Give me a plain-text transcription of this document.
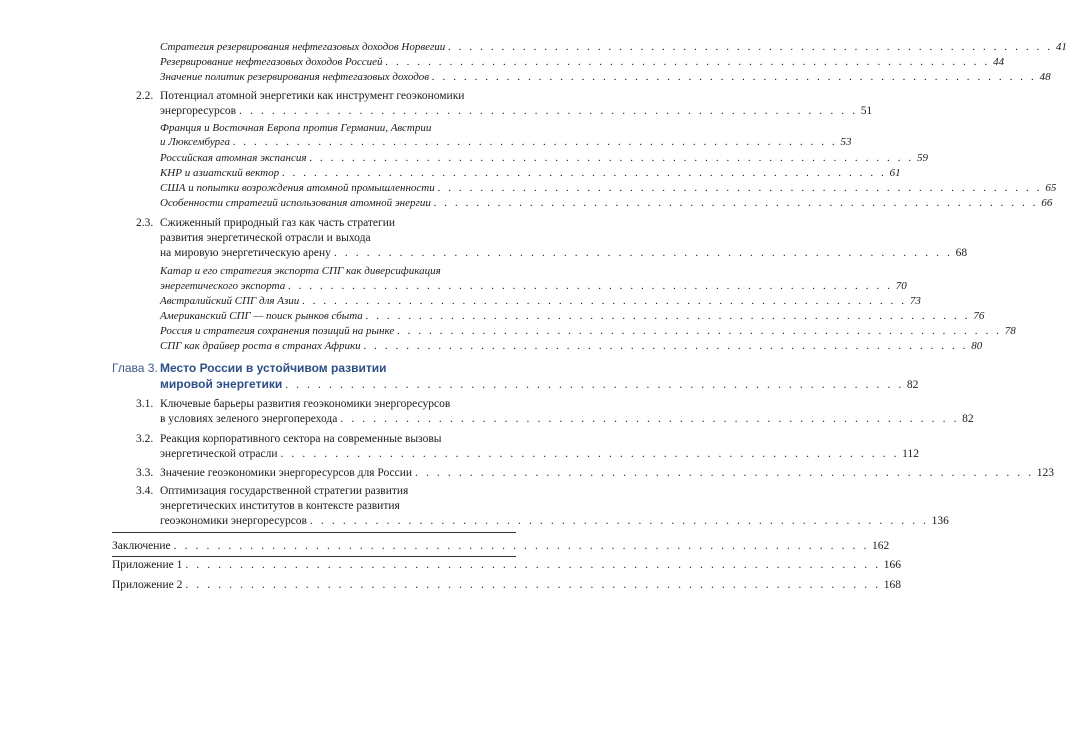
Стратегия резервирования нефтегазовых доходов Норвегии . . . . . . . . . . . . . . . . . . . . . . . . . . . . . . . . . . . . . . . . . . . . . . . . . . . . . . . . . 41
Резервирование нефтегазовых доходов Россией . . . . . . . . . . . . . . . . . . . . . . . . . . . . . . . . . . . . . . . . . . . . . . . . . . . . . . . . . 44
Значение политик резервирования нефтегазовых доходов . . . . . . . . . . . . . . . . . . . . . . . . . . . . . . . . . . . . . . . . . . . . . . . . . . . . . . . . . 48
2.2. Потенциал атомной энергетики как инструмент геоэкономики
энергоресурсов . . . . . . . . . . . . . . . . . . . . . . . . . . . . . . . . . . . . . . . . . . . . . . . . . . . . . . . . . 51
Франция и Восточная Европа против Германии, Австрии
и Люксембурга . . . . . . . . . . . . . . . . . . . . . . . . . . . . . . . . . . . . . . . . . . . . . . . . . . . . . . . . . 53
Российская атомная экспансия . . . . . . . . . . . . . . . . . . . . . . . . . . . . . . . . . . . . . . . . . . . . . . . . . . . . . . . . . 59
КНР и азиатский вектор . . . . . . . . . . . . . . . . . . . . . . . . . . . . . . . . . . . . . . . . . . . . . . . . . . . . . . . . . 61
США и попытки возрождения атомной промышленности . . . . . . . . . . . . . . . . . . . . . . . . . . . . . . . . . . . . . . . . . . . . . . . . . . . . . . . . . 65
Особенности стратегий использования атомной энергии . . . . . . . . . . . . . . . . . . . . . . . . . . . . . . . . . . . . . . . . . . . . . . . . . . . . . . . . . 66
2.3. Сжиженный природный газ как часть стратегии
развития энергетической отрасли и выхода
на мировую энергетическую арену . . . . . . . . . . . . . . . . . . . . . . . . . . . . . . . . . . . . . . . . . . . . . . . . . . . . . . . . . 68
Катар и его стратегия экспорта СПГ как диверсификация
энергетического экспорта . . . . . . . . . . . . . . . . . . . . . . . . . . . . . . . . . . . . . . . . . . . . . . . . . . . . . . . . . 70
Австралийский СПГ для Азии . . . . . . . . . . . . . . . . . . . . . . . . . . . . . . . . . . . . . . . . . . . . . . . . . . . . . . . . . 73
Американский СПГ — поиск рынков сбыта . . . . . . . . . . . . . . . . . . . . . . . . . . . . . . . . . . . . . . . . . . . . . . . . . . . . . . . . . 76
Россия и стратегия сохранения позиций на рынке . . . . . . . . . . . . . . . . . . . . . . . . . . . . . . . . . . . . . . . . . . . . . . . . . . . . . . . . . 78
СПГ как драйвер роста в странах Африки . . . . . . . . . . . . . . . . . . . . . . . . . . . . . . . . . . . . . . . . . . . . . . . . . . . . . . . . . 80
Глава 3. Место России в устойчивом развитии
мировой энергетики . . . . . . . . . . . . . . . . . . . . . . . . . . . . . . . . . . . . . . . . . . . . . . . . . . . . . . . . . 82
3.1. Ключевые барьеры развития геоэкономики энергоресурсов
в условиях зеленого энергоперехода . . . . . . . . . . . . . . . . . . . . . . . . . . . . . . . . . . . . . . . . . . . . . . . . . . . . . . . . . 82
3.2. Реакция корпоративного сектора на современные вызовы
энергетической отрасли . . . . . . . . . . . . . . . . . . . . . . . . . . . . . . . . . . . . . . . . . . . . . . . . . . . . . . . . . 112
3.3. Значение геоэкономики энергоресурсов для России . . . . . . . . . . . . . . . . . . . . . . . . . . . . . . . . . . . . . . . . . . . . . . . . . . . . . . . . . 123
3.4. Оптимизация государственной стратегии развития
энергетических институтов в контексте развития
геоэкономики энергоресурсов . . . . . . . . . . . . . . . . . . . . . . . . . . . . . . . . . . . . . . . . . . . . . . . . . . . . . . . . . 136
Заключение . . . . . . . . . . . . . . . . . . . . . . . . . . . . . . . . . . . . . . . . . . . . . . . . . . . . . . . . . . . . . . . . 162
Приложение 1 . . . . . . . . . . . . . . . . . . . . . . . . . . . . . . . . . . . . . . . . . . . . . . . . . . . . . . . . . . . . . . . . 166
Приложение 2 . . . . . . . . . . . . . . . . . . . . . . . . . . . . . . . . . . . . . . . . . . . . . . . . . . . . . . . . . . . . . . . . 168
